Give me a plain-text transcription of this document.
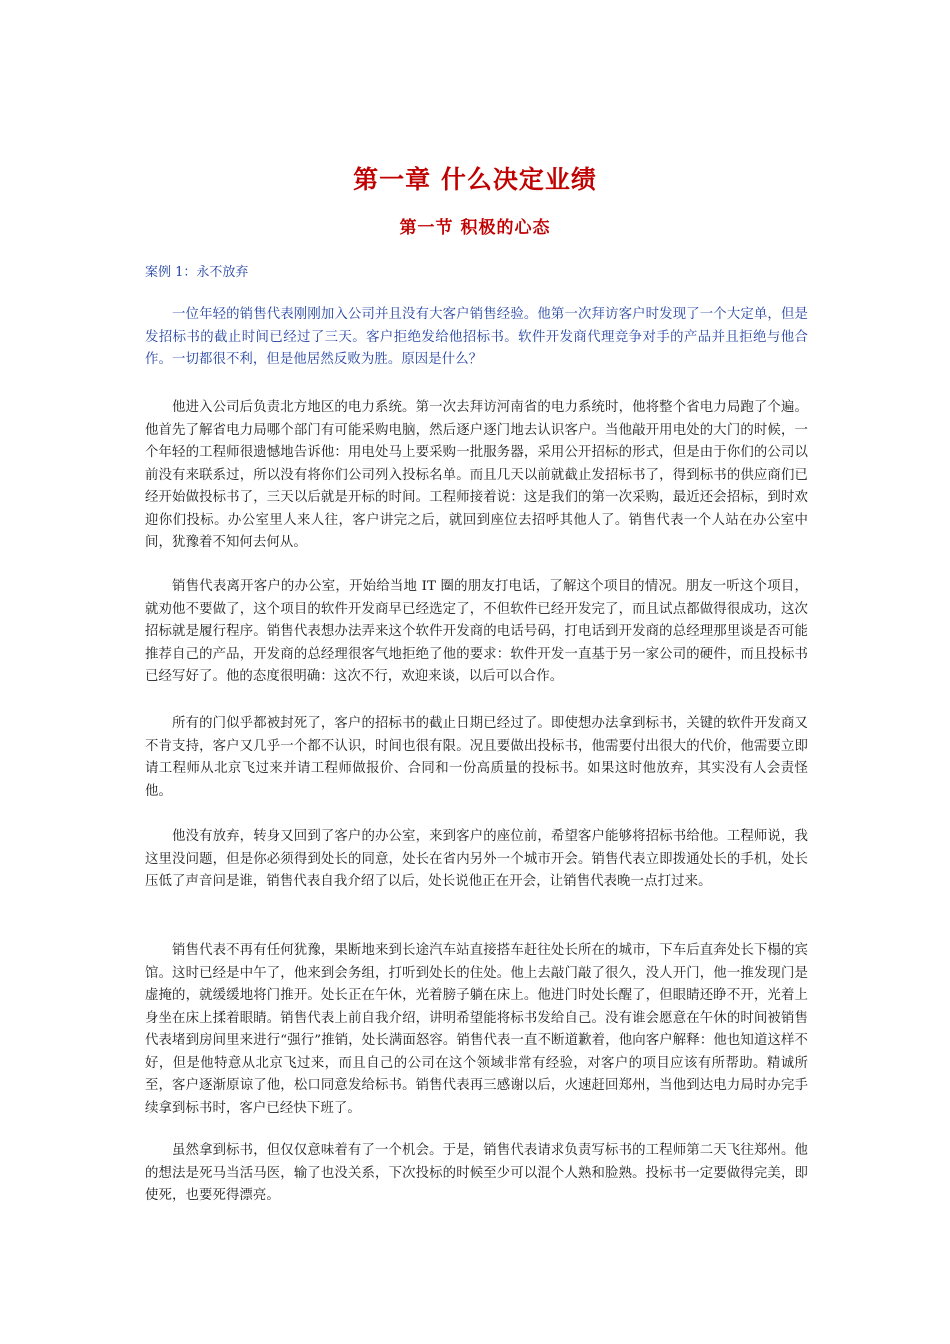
第一章 什么决定业绩
第一节 积极的心态
案例 1：永不放弃

一位年轻的销售代表刚刚加入公司并且没有大客户销售经验。他第一次拜访客户时发现了一个大定单，但是发招标书的截止时间已经过了三天。客户拒绝发给他招标书。软件开发商代理竞争对手的产品并且拒绝与他合作。一切都很不利，但是他居然反败为胜。原因是什么？

他进入公司后负责北方地区的电力系统。第一次去拜访河南省的电力系统时，他将整个省电力局跑了个遍。他首先了解省电力局哪个部门有可能采购电脑，然后逐户逐门地去认识客户。当他敲开用电处的大门的时候，一个年轻的工程师很遗憾地告诉他：用电处马上要采购一批服务器，采用公开招标的形式，但是由于你们的公司以前没有来联系过，所以没有将你们公司列入投标名单。而且几天以前就截止发招标书了，得到标书的供应商们已经开始做投标书了，三天以后就是开标的时间。工程师接着说：这是我们的第一次采购，最近还会招标，到时欢迎你们投标。办公室里人来人往，客户讲完之后，就回到座位去招呼其他人了。销售代表一个人站在办公室中间，犹豫着不知何去何从。

销售代表离开客户的办公室，开始给当地 IT 圈的朋友打电话，了解这个项目的情况。朋友一听这个项目，就劝他不要做了，这个项目的软件开发商早已经选定了，不但软件已经开发完了，而且试点都做得很成功，这次招标就是履行程序。销售代表想办法弄来这个软件开发商的电话号码，打电话到开发商的总经理那里谈是否可能推荐自己的产品，开发商的总经理很客气地拒绝了他的要求：软件开发一直基于另一家公司的硬件，而且投标书已经写好了。他的态度很明确：这次不行，欢迎来谈，以后可以合作。

所有的门似乎都被封死了，客户的招标书的截止日期已经过了。即使想办法拿到标书，关键的软件开发商又不肯支持，客户又几乎一个都不认识，时间也很有限。况且要做出投标书，他需要付出很大的代价，他需要立即请工程师从北京飞过来并请工程师做报价、合同和一份高质量的投标书。如果这时他放弃，其实没有人会责怪他。

他没有放弃，转身又回到了客户的办公室，来到客户的座位前，希望客户能够将招标书给他。工程师说，我这里没问题，但是你必须得到处长的同意，处长在省内另外一个城市开会。销售代表立即拨通处长的手机，处长压低了声音问是谁，销售代表自我介绍了以后，处长说他正在开会，让销售代表晚一点打过来。

销售代表不再有任何犹豫，果断地来到长途汽车站直接搭车赶往处长所在的城市，下车后直奔处长下榻的宾馆。这时已经是中午了，他来到会务组，打听到处长的住处。他上去敲门敲了很久，没人开门，他一推发现门是虚掩的，就缓缓地将门推开。处长正在午休，光着膀子躺在床上。他进门时处长醒了，但眼睛还睁不开，光着上身坐在床上揉着眼睛。销售代表上前自我介绍，讲明希望能将标书发给自己。没有谁会愿意在午休的时间被销售代表堵到房间里来进行“强行”推销，处长满面怒容。销售代表一直不断道歉着，他向客户解释：他也知道这样不好，但是他特意从北京飞过来，而且自己的公司在这个领域非常有经验，对客户的项目应该有所帮助。精诚所至，客户逐渐原谅了他，松口同意发给标书。销售代表再三感谢以后，火速赶回郑州，当他到达电力局时办完手续拿到标书时，客户已经快下班了。

虽然拿到标书，但仅仅意味着有了一个机会。于是，销售代表请求负责写标书的工程师第二天飞往郑州。他的想法是死马当活马医，输了也没关系，下次投标的时候至少可以混个人熟和脸熟。投标书一定要做得完美，即使死，也要死得漂亮。
